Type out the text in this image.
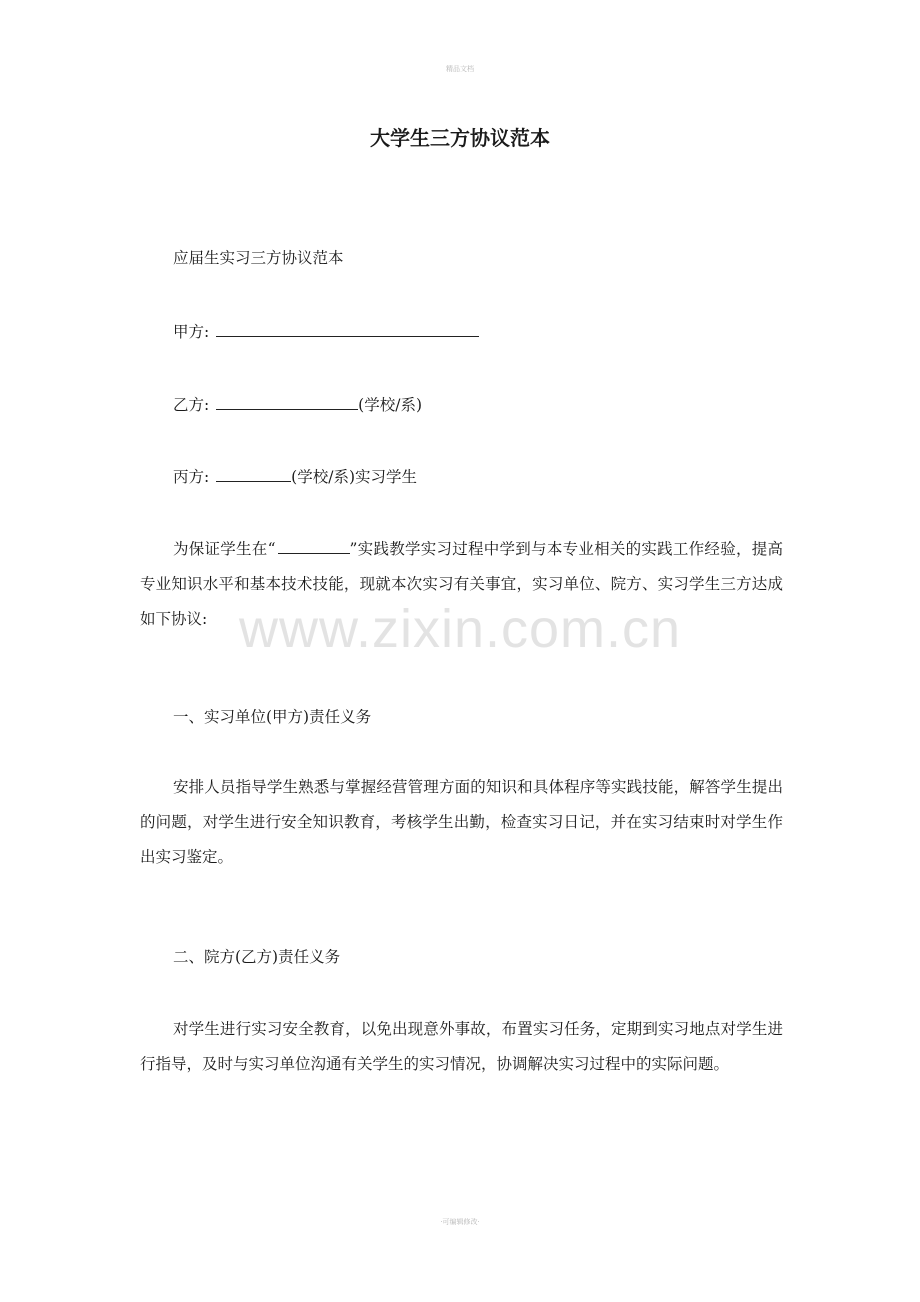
精品文档
www.zixin.com.cn
大学生三方协议范本
应届生实习三方协议范本
甲方:
乙方:	(学校/系)
丙方:	(学校/系)实习学生
为保证学生在“	”实践教学实习过程中学到与本专业相关的实践工作经验，提高专业知识水平和基本技术技能，现就本次实习有关事宜，实习单位、院方、实习学生三方达成如下协议:
一、实习单位(甲方)责任义务
安排人员指导学生熟悉与掌握经营管理方面的知识和具体程序等实践技能，解答学生提出的问题，对学生进行安全知识教育，考核学生出勤，检查实习日记，并在实习结束时对学生作出实习鉴定。
二、院方(乙方)责任义务
对学生进行实习安全教育，以免出现意外事故，布置实习任务，定期到实习地点对学生进行指导，及时与实习单位沟通有关学生的实习情况，协调解决实习过程中的实际问题。
·可编辑修改·
